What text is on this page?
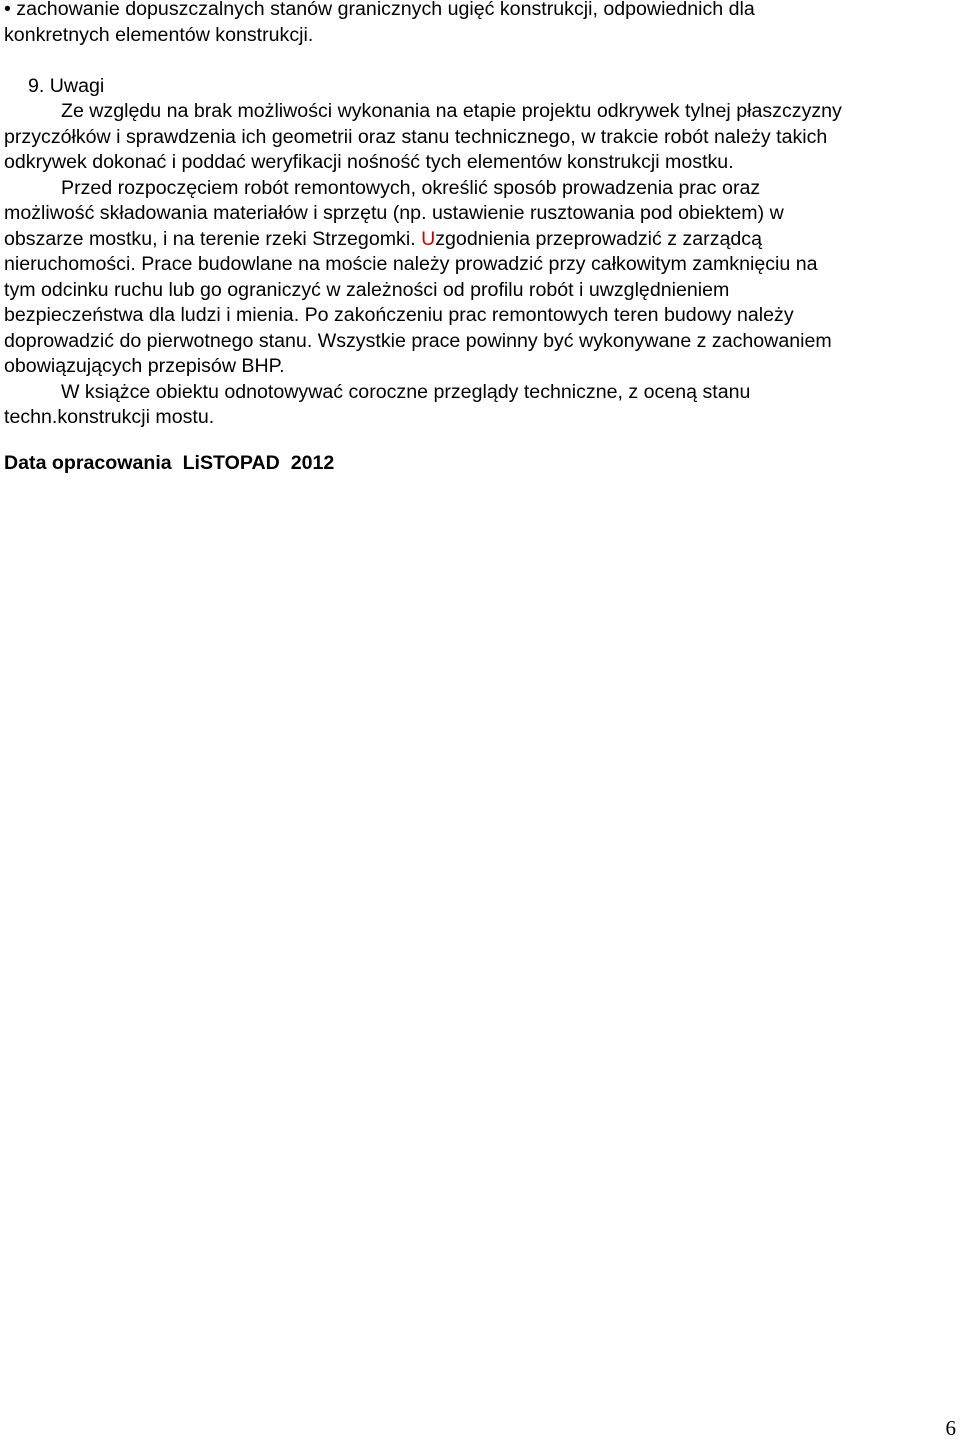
• zachowanie dopuszczalnych stanów granicznych ugięć konstrukcji, odpowiednich dla
konkretnych elementów konstrukcji.
9. Uwagi
Ze względu na brak możliwości wykonania na etapie projektu odkrywek tylnej płaszczyzny
przyczółków i sprawdzenia ich geometrii oraz stanu technicznego, w trakcie robót należy takich
odkrywek dokonać i poddać weryfikacji nośność tych elementów konstrukcji mostku.
Przed rozpoczęciem robót remontowych, określić sposób prowadzenia prac oraz
możliwość składowania materiałów i sprzętu (np. ustawienie rusztowania pod obiektem) w
obszarze mostku, i na terenie rzeki Strzegomki. Uzgodnienia przeprowadzić z zarządcą
nieruchomości. Prace budowlane na moście należy prowadzić przy całkowitym zamknięciu na
tym odcinku ruchu lub go ograniczyć w zależności od profilu robót i uwzględnieniem
bezpieczeństwa dla ludzi i mienia. Po zakończeniu prac remontowych teren budowy należy
doprowadzić do pierwotnego stanu. Wszystkie prace powinny być wykonywane z zachowaniem
obowiązujących przepisów BHP.
W książce obiektu odnotowywać coroczne przeglądy techniczne, z oceną stanu
techn.konstrukcji mostu.
Data opracowania  LiSTOPAD  2012
6
